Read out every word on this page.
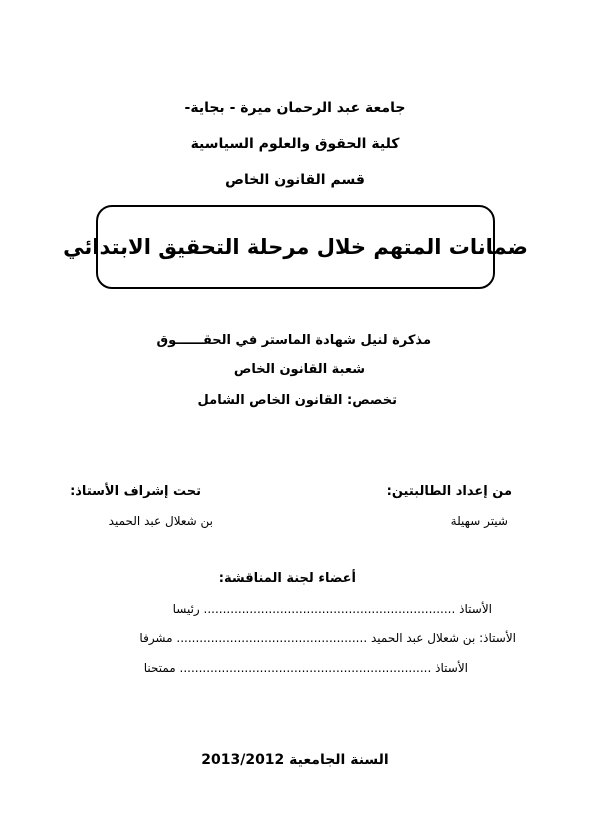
جامعة عبد الرحمان ميرة - بجاية-
كلية الحقوق والعلوم السياسية
قسم القانون الخاص
ضمانات المتهم خلال مرحلة التحقيق الابتدائي
مذكرة لنيل شهادة الماستر في الحقــــــوق
شعبة القانون الخاص
تخصص: القانون الخاص الشامل
من إعداد الطالبتين:
شيتر سهيلة
تحت إشراف الأستاذ:
بن شعلال عبد الحميد
أعضاء لجنة المناقشة:
الأستاذ .................................................................. رئيسا
الأستاذ: بن شعلال عبد الحميد .................................................. مشرفا
الأستاذ .................................................................. ممتحنا
السنة الجامعية 2013/2012
